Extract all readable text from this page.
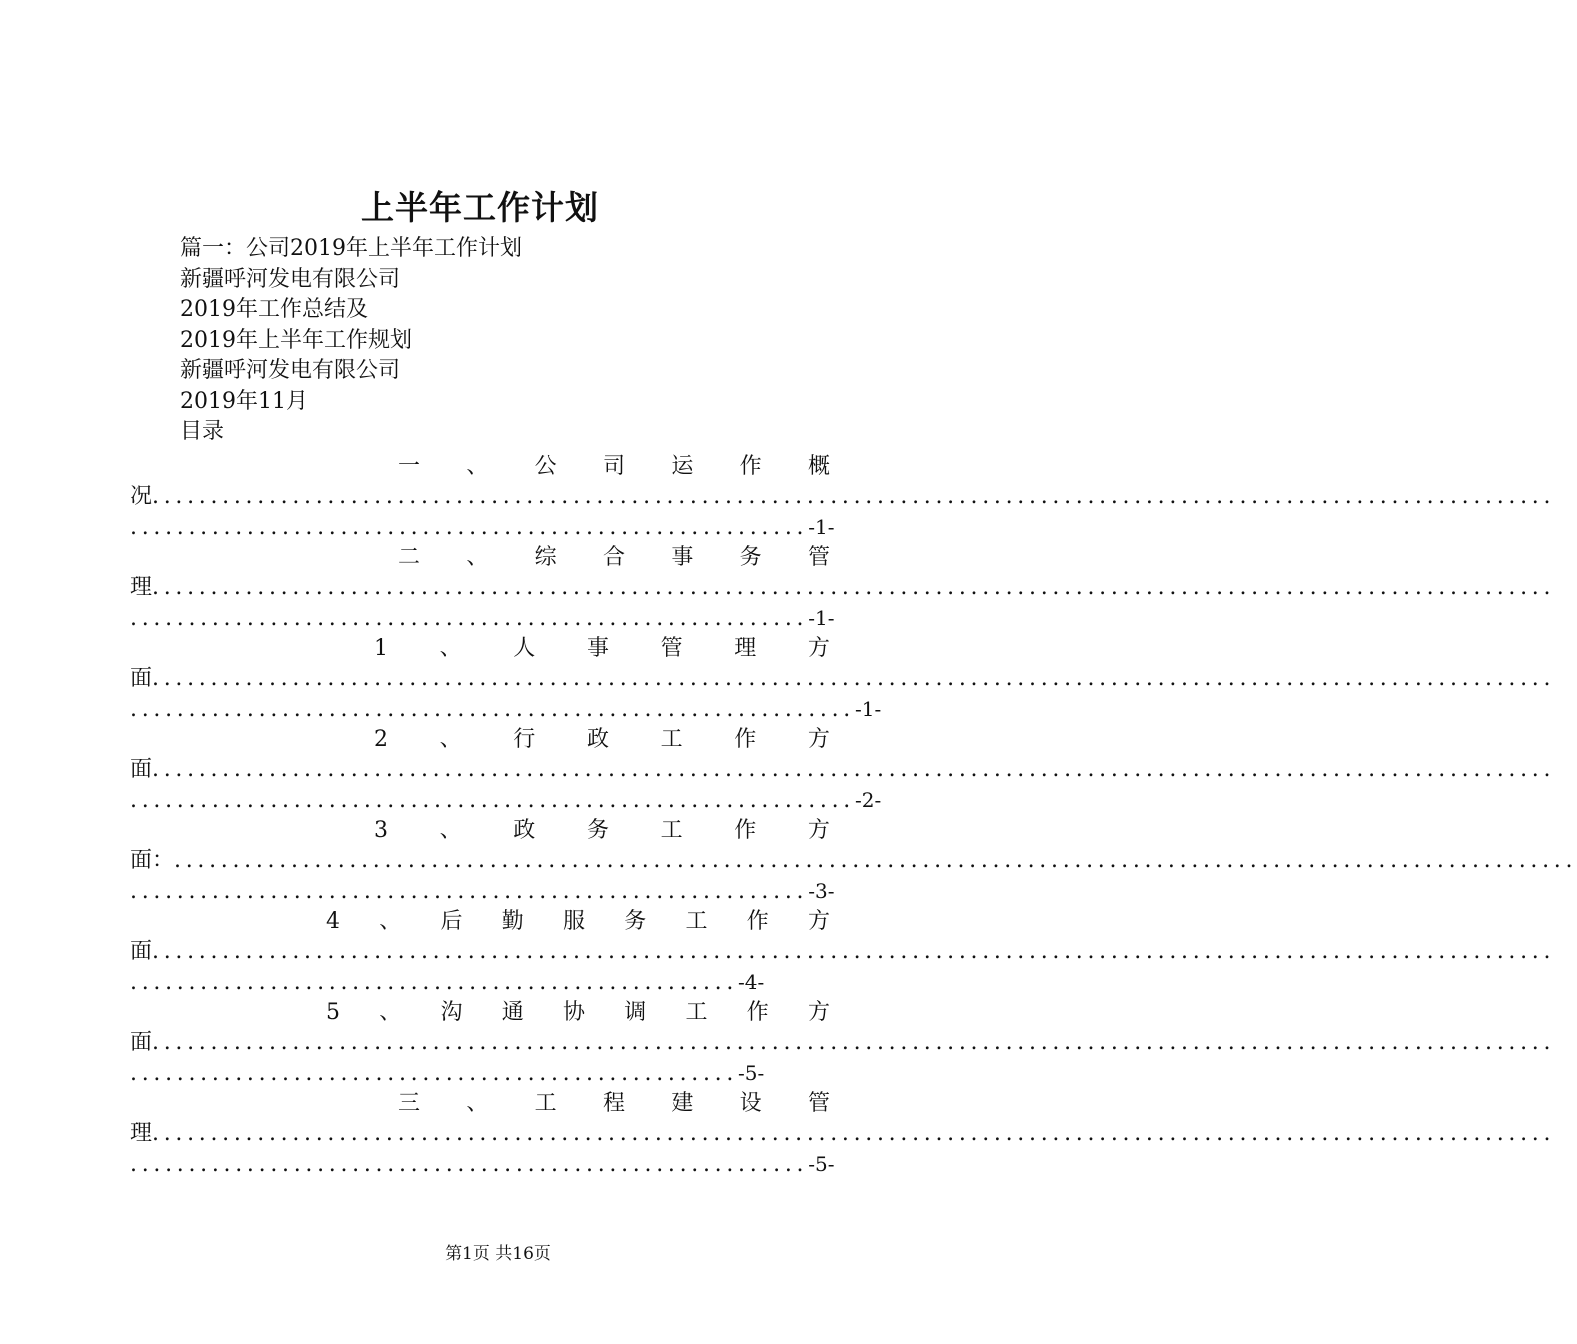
上半年工作计划
篇一：公司2019年上半年工作计划
新疆呼河发电有限公司
2019年工作总结及
2019年上半年工作规划
新疆呼河发电有限公司
2019年11月
目录
一 、 公 司 运 作 概
况........................................................................................................................
..........................................................-1-
二 、 综 合 事 务 管
理........................................................................................................................
..........................................................-1-
1 、 人 事 管 理 方
面........................................................................................................................
..............................................................-1-
2 、 行 政 工 作 方
面........................................................................................................................
..............................................................-2-
3 、 政 务 工 作 方
面：........................................................................................................................
..........................................................-3-
4 、 后 勤 服 务 工 作 方
面........................................................................................................................
....................................................-4-
5 、 沟 通 协 调 工 作 方
面........................................................................................................................
....................................................-5-
三 、 工 程 建 设 管
理........................................................................................................................
..........................................................-5-
第1页 共16页
